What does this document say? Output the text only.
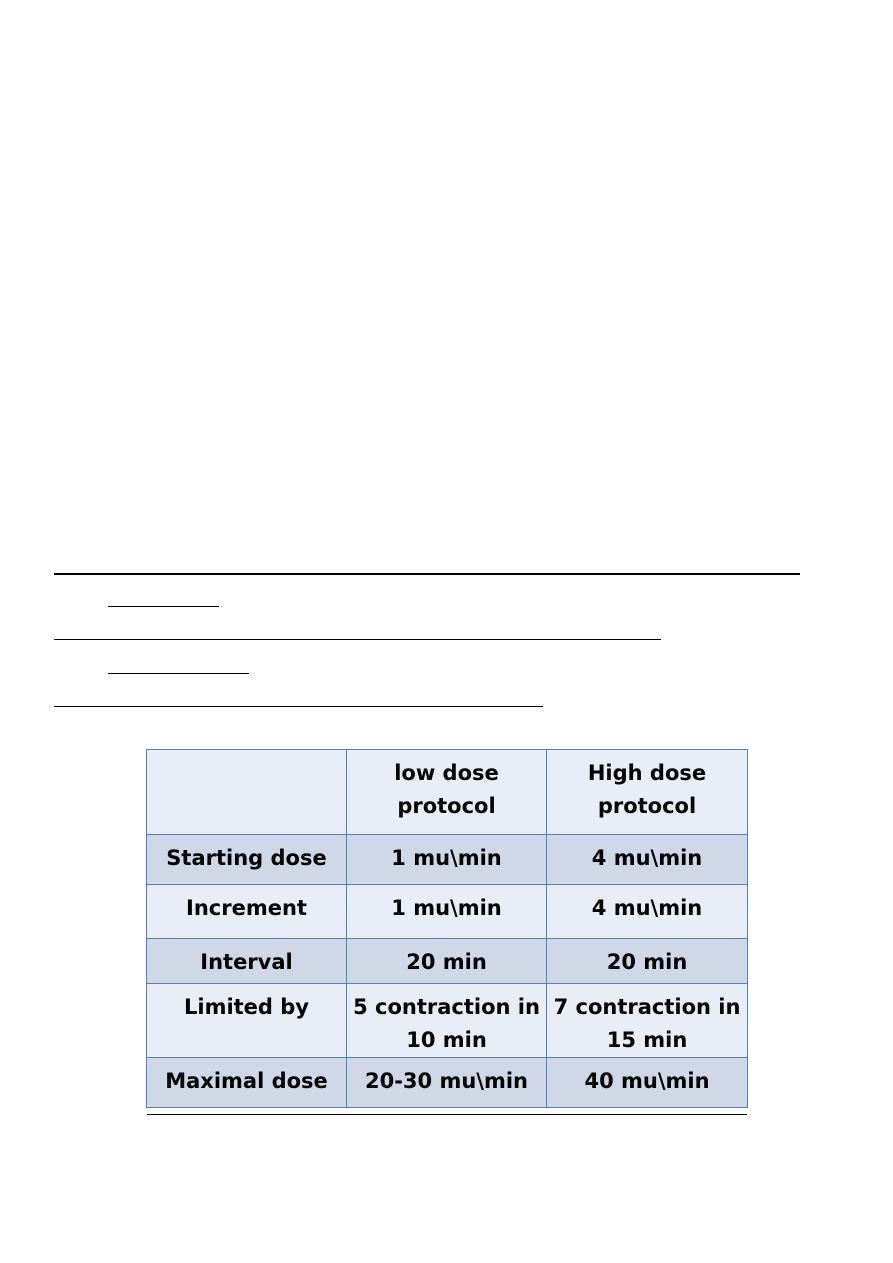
	low dose protocol	High dose protocol
Starting dose	1 mu\min	4 mu\min
Increment	1 mu\min	4 mu\min
Interval	20 min	20 min
Limited by	5 contraction in 10 min	7 contraction in 15 min
Maximal dose	20-30 mu\min	40 mu\min
